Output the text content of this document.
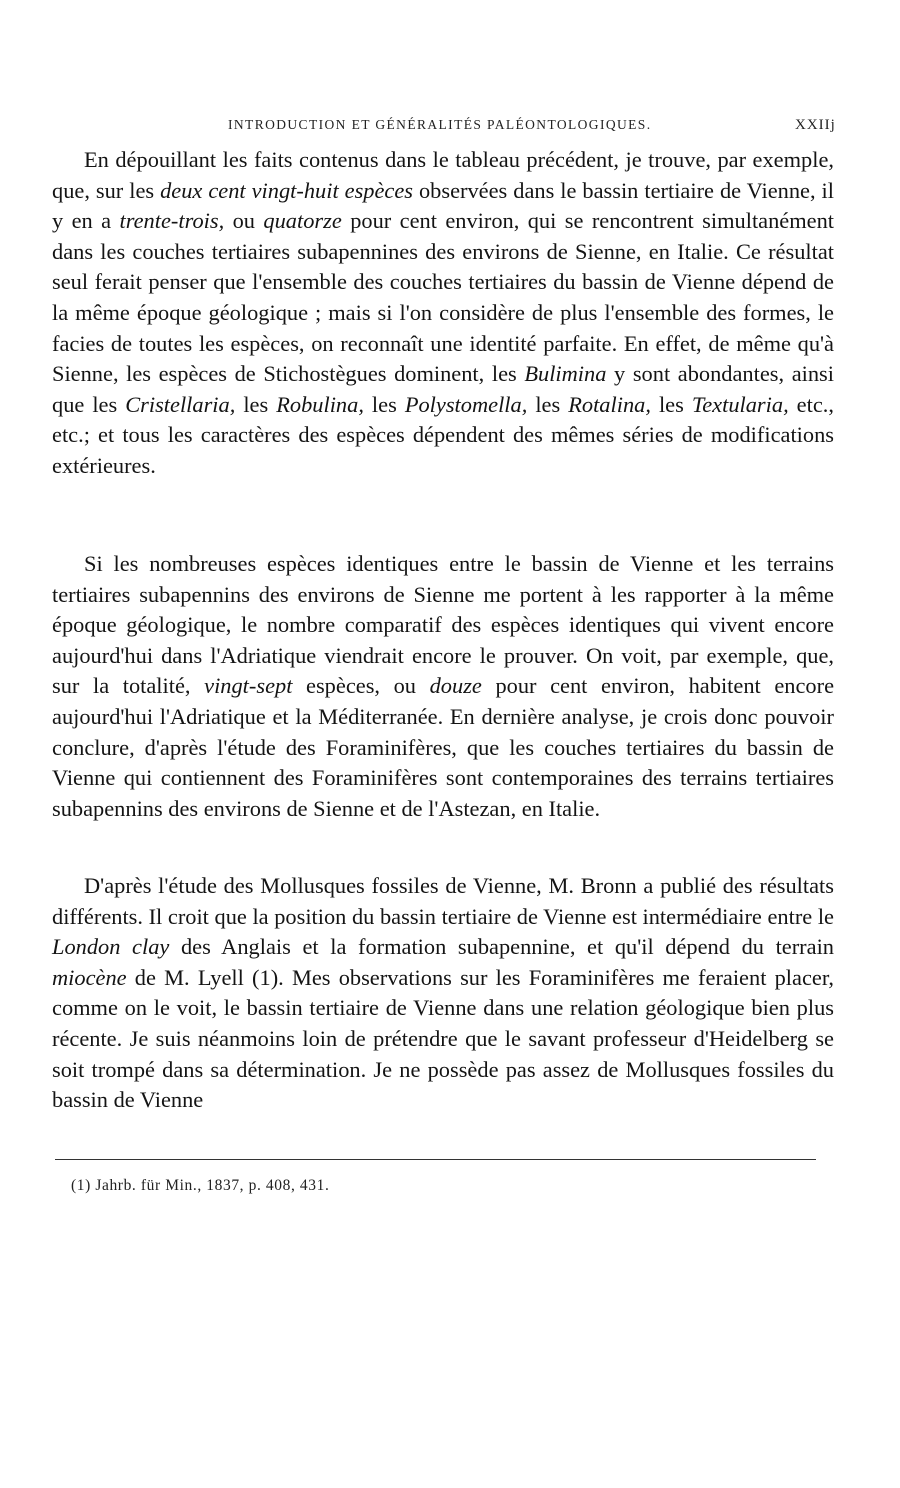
INTRODUCTION ET GÉNÉRALITÉS PALÉONTOLOGIQUES.	XXIIj

En dépouillant les faits contenus dans le tableau précédent, je trouve, par exemple, que, sur les deux cent vingt-huit espèces observées dans le bassin tertiaire de Vienne, il y en a trente-trois, ou quatorze pour cent environ, qui se rencontrent simultanément dans les couches tertiaires subapennines des environs de Sienne, en Italie. Ce résultat seul ferait penser que l'ensemble des couches tertiaires du bassin de Vienne dépend de la même époque géologique ; mais si l'on considère de plus l'ensemble des formes, le facies de toutes les espèces, on reconnaît une identité parfaite. En effet, de même qu'à Sienne, les espèces de Stichostègues dominent, les Bulimina y sont abondantes, ainsi que les Cristellaria, les Robulina, les Polystomella, les Rotalina, les Textularia, etc., etc.; et tous les caractères des espèces dépendent des mêmes séries de modifications extérieures.

Si les nombreuses espèces identiques entre le bassin de Vienne et les terrains tertiaires subapennins des environs de Sienne me portent à les rapporter à la même époque géologique, le nombre comparatif des espèces identiques qui vivent encore aujourd'hui dans l'Adriatique viendrait encore le prouver. On voit, par exemple, que, sur la totalité, vingt-sept espèces, ou douze pour cent environ, habitent encore aujourd'hui l'Adriatique et la Méditerranée. En dernière analyse, je crois donc pouvoir conclure, d'après l'étude des Foraminifères, que les couches tertiaires du bassin de Vienne qui contiennent des Foraminifères sont contemporaines des terrains tertiaires subapennins des environs de Sienne et de l'Astezan, en Italie.

D'après l'étude des Mollusques fossiles de Vienne, M. Bronn a publié des résultats différents. Il croit que la position du bassin tertiaire de Vienne est intermédiaire entre le London clay des Anglais et la formation subapennine, et qu'il dépend du terrain miocène de M. Lyell (1). Mes observations sur les Foraminifères me feraient placer, comme on le voit, le bassin tertiaire de Vienne dans une relation géologique bien plus récente. Je suis néanmoins loin de prétendre que le savant professeur d'Heidelberg se soit trompé dans sa détermination. Je ne possède pas assez de Mollusques fossiles du bassin de Vienne

(1) Jahrb. für Min., 1837, p. 408, 431.
